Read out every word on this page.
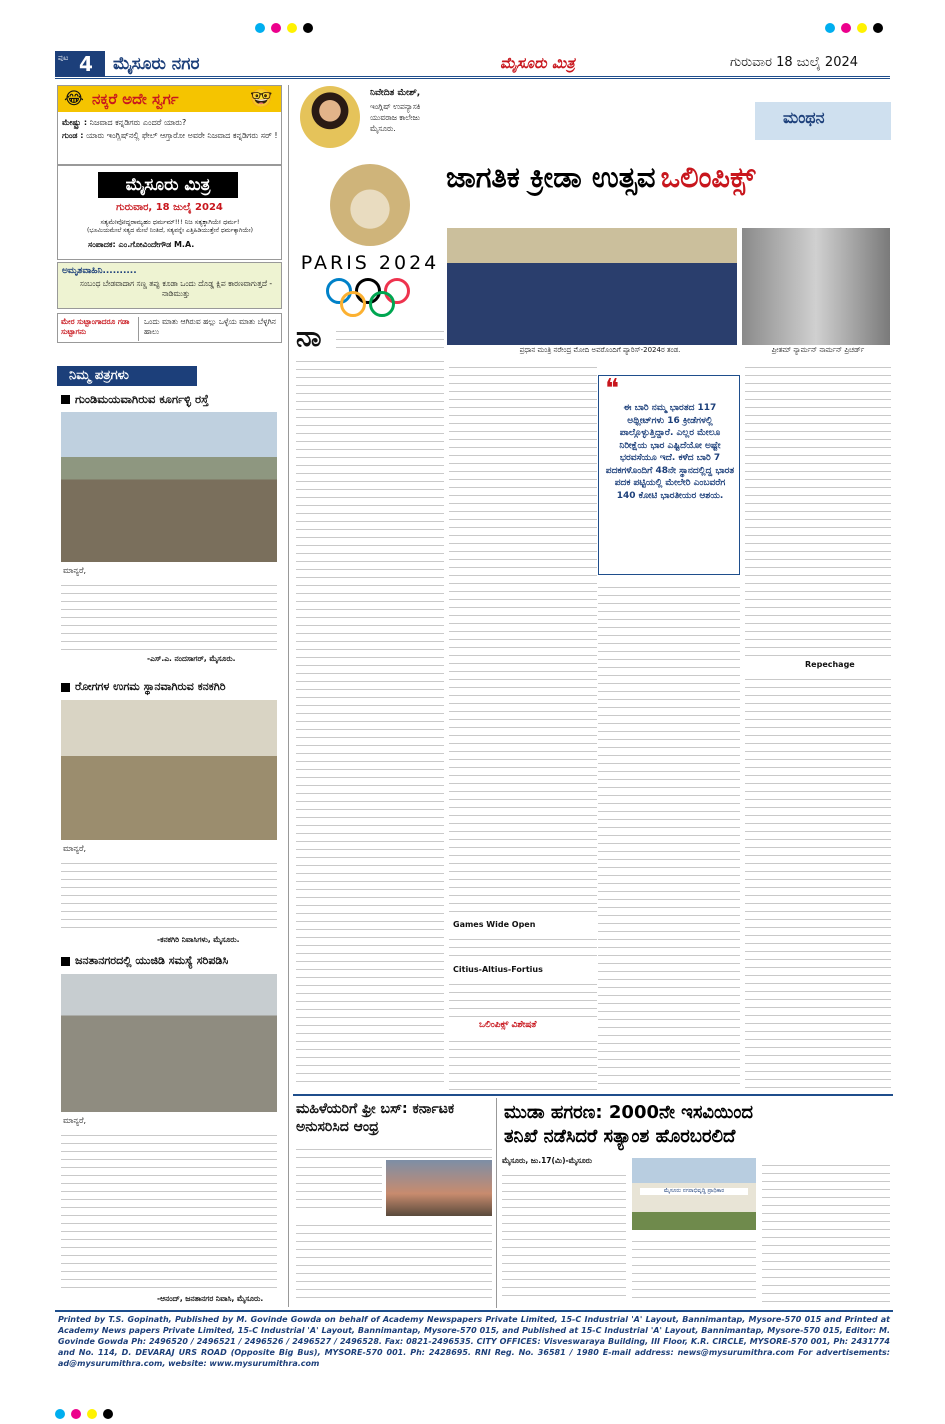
ಪುಟ 4 ಮೈಸೂರು ನಗರ	ಮೈಸೂರು ಮಿತ್ರ	ಗುರುವಾರ 18 ಜುಲೈ 2024
😂 ನಕ್ಕರೆ ಅದೇ ಸ್ವರ್ಗ	🤓
ಮೇಷ್ಟ್ರು : ನಿಜವಾದ ಕನ್ನಡಿಗರು ಎಂದರೆ ಯಾರು?
ಗುಂಡ : ಯಾರು ಇಂಗ್ಲಿಷ್‌ನಲ್ಲಿ ಫೇಲ್ ಆಗ್ತಾರೋ ಅವರೇ ನಿಜವಾದ ಕನ್ನಡಿಗರು ಸರ್ !
ಮೈಸೂರು ಮಿತ್ರ
ಗುರುವಾರ, 18 ಜುಲೈ 2024
ಸತ್ಯಮೇವೋದ್ಧರಾಮ್ಯಹಂ ಧರ್ಮಮ್!!! ನಿಜ ಸತ್ಯಕ್ಕಾಗಿಯೇ ಧರ್ಮ!
(ಭೂಮಿಯಮೇಲೆ ಸತ್ಯದ ಮೇಲೆ ನಿಂತಿದೆ, ಸತ್ಯವನ್ನೇ ಎತ್ತಿಹಿಡಿಯುತ್ತೇನೆ ಧರ್ಮಕ್ಕಾಗಿಯೇ)
ಸಂಪಾದಕ: ಎಂ.ಗೋವಿಂದೇಗೌಡ M.A.
ಅಮೃತವಾಹಿನಿ..........
ಸಂಬಂಧ ಬೇಡವಾದಾಗ ಸಣ್ಣ ತಪ್ಪು ಕೂಡಾ ಒಂದು ದೊಡ್ಡ ಕ್ಷಿಪ ಕಾರಣವಾಗುತ್ತದೆ - ನಾಡಿಮುತ್ತು
ಮೇರ ಸುಟ್ಟಾಂಗಾದರೂ ಗಡಾ ಸುಟ್ಟಾಗನು
ಒಂದು ಮಾತು ಆಗಿರುವ ಹಲ್ಲು ಒಳ್ಳೆಯ ಮಾತು ಬೆಳ್ಳಗಿನ ಹಾಲು
ನಿಮ್ಮ ಪತ್ರಗಳು
ಗುಂಡಿಮಯವಾಗಿರುವ ಕೂರ್ಗಳ್ಳಿ ರಸ್ತೆ
ಮಾನ್ಯರೆ,
-ಎಸ್.ಎ. ನಂದಸಾಗರ್, ಮೈಸೂರು.
ರೋಗಗಳ ಉಗಮ ಸ್ಥಾನವಾಗಿರುವ ಕನಕಗಿರಿ
ಮಾನ್ಯರೆ,
-ಕನಕಗಿರಿ ನಿವಾಸಿಗಳು, ಮೈಸೂರು.
ಜನತಾನಗರದಲ್ಲಿ ಯುಜಿಡಿ ಸಮಸ್ಯೆ ಸರಿಪಡಿಸಿ
ಮಾನ್ಯರೆ,
-ಆನಂದ್, ಜನತಾನಗರ ನಿವಾಸಿ, ಮೈಸೂರು.
ನಿವೇದಿತ ಮೇಶ್,
ಇಂಗ್ಲಿಷ್ ಉಪನ್ಯಾಸಕಿ
ಯುವರಾಜ ಕಾಲೇಜು
ಮೈಸೂರು.
ಮಂಥನ
PARIS 2024
ಜಾಗತಿಕ ಕ್ರೀಡಾ ಉತ್ಸವ ಒಲಿಂಪಿಕ್ಸ್
ಪ್ರಧಾನ ಮಂತ್ರಿ ನರೇಂದ್ರ ಮೋದಿ ಅವರೊಂದಿಗೆ ಪ್ಯಾರಿಸ್-2024ರ ತಂಡ.	ಪ್ರೀತಮ್ ನ್ಯಾರ್ಮನ್ ನಾರ್ಮನ್ ಪ್ರಿಚರ್ಡ್
ನಾ
Games Wide Open
Citius-Altius-Fortius
ಒಲಿಂಪಿಕ್ಸ್ ವಿಶೇಷತೆ
❝
ಈ ಬಾರಿ ನಮ್ಮ ಭಾರತದ 117 ಅಥ್ಲೀಟ್‌ಗಳು 16 ಕ್ರೀಡೆಗಳಲ್ಲಿ ಪಾಲ್ಗೊಳ್ಳುತ್ತಿದ್ದಾರೆ. ಎಲ್ಲರ ಮೇಲೂ ನಿರೀಕ್ಷೆಯ ಭಾರ ಎಷ್ಟಿದೆಯೋ ಅಷ್ಟೇ ಭರವಸೆಯೂ ಇದೆ. ಕಳೆದ ಬಾರಿ 7 ಪದಕಗಳೊಂದಿಗೆ 48ನೇ ಸ್ಥಾನದಲ್ಲಿದ್ದ ಭಾರತ ಪದಕ ಪಟ್ಟಿಯಲ್ಲಿ ಮೇಲೇರಿ ಎಂಬವರೆಗ 140 ಕೋಟಿ ಭಾರತೀಯರ ಆಶಯ.
Repechage
ಮಹಿಳೆಯರಿಗೆ ಫ್ರೀ ಬಸ್: ಕರ್ನಾಟಕ ಅನುಸರಿಸಿದ ಆಂಧ್ರ
ಮುಡಾ ಹಗರಣ: 2000ನೇ ಇಸವಿಯಿಂದ
ತನಿಖೆ ನಡೆಸಿದರೆ ಸತ್ಯಾಂಶ ಹೊರಬರಲಿದೆ
ಮೈಸೂರು, ಜು.17(ಮಿ)-ಮೈಸೂರು
ಮೈಸೂರು ನಗರಾಭಿವೃದ್ಧಿ ಪ್ರಾಧಿಕಾರ
Printed by T.S. Gopinath, Published by M. Govinde Gowda on behalf of Academy Newspapers Private Limited, 15-C Industrial 'A' Layout, Bannimantap, Mysore-570 015 and Printed at Academy News papers Private Limited, 15-C Industrial 'A' Layout, Bannimantap, Mysore-570 015, and Published at 15-C Industrial 'A' Layout, Bannimantap, Mysore-570 015, Editor: M. Govinde Gowda Ph: 2496520 / 2496521 / 2496526 / 2496527 / 2496528. Fax: 0821-2496535. CITY OFFICES: Visveswaraya Building, III Floor, K.R. CIRCLE, MYSORE-570 001, Ph: 2431774 and No. 114, D. DEVARAJ URS ROAD (Opposite Big Bus), MYSORE-570 001. Ph: 2428695. RNI Reg. No. 36581 / 1980 E-mail address: news@mysurumithra.com For advertisements: ad@mysurumithra.com, website: www.mysurumithra.com
